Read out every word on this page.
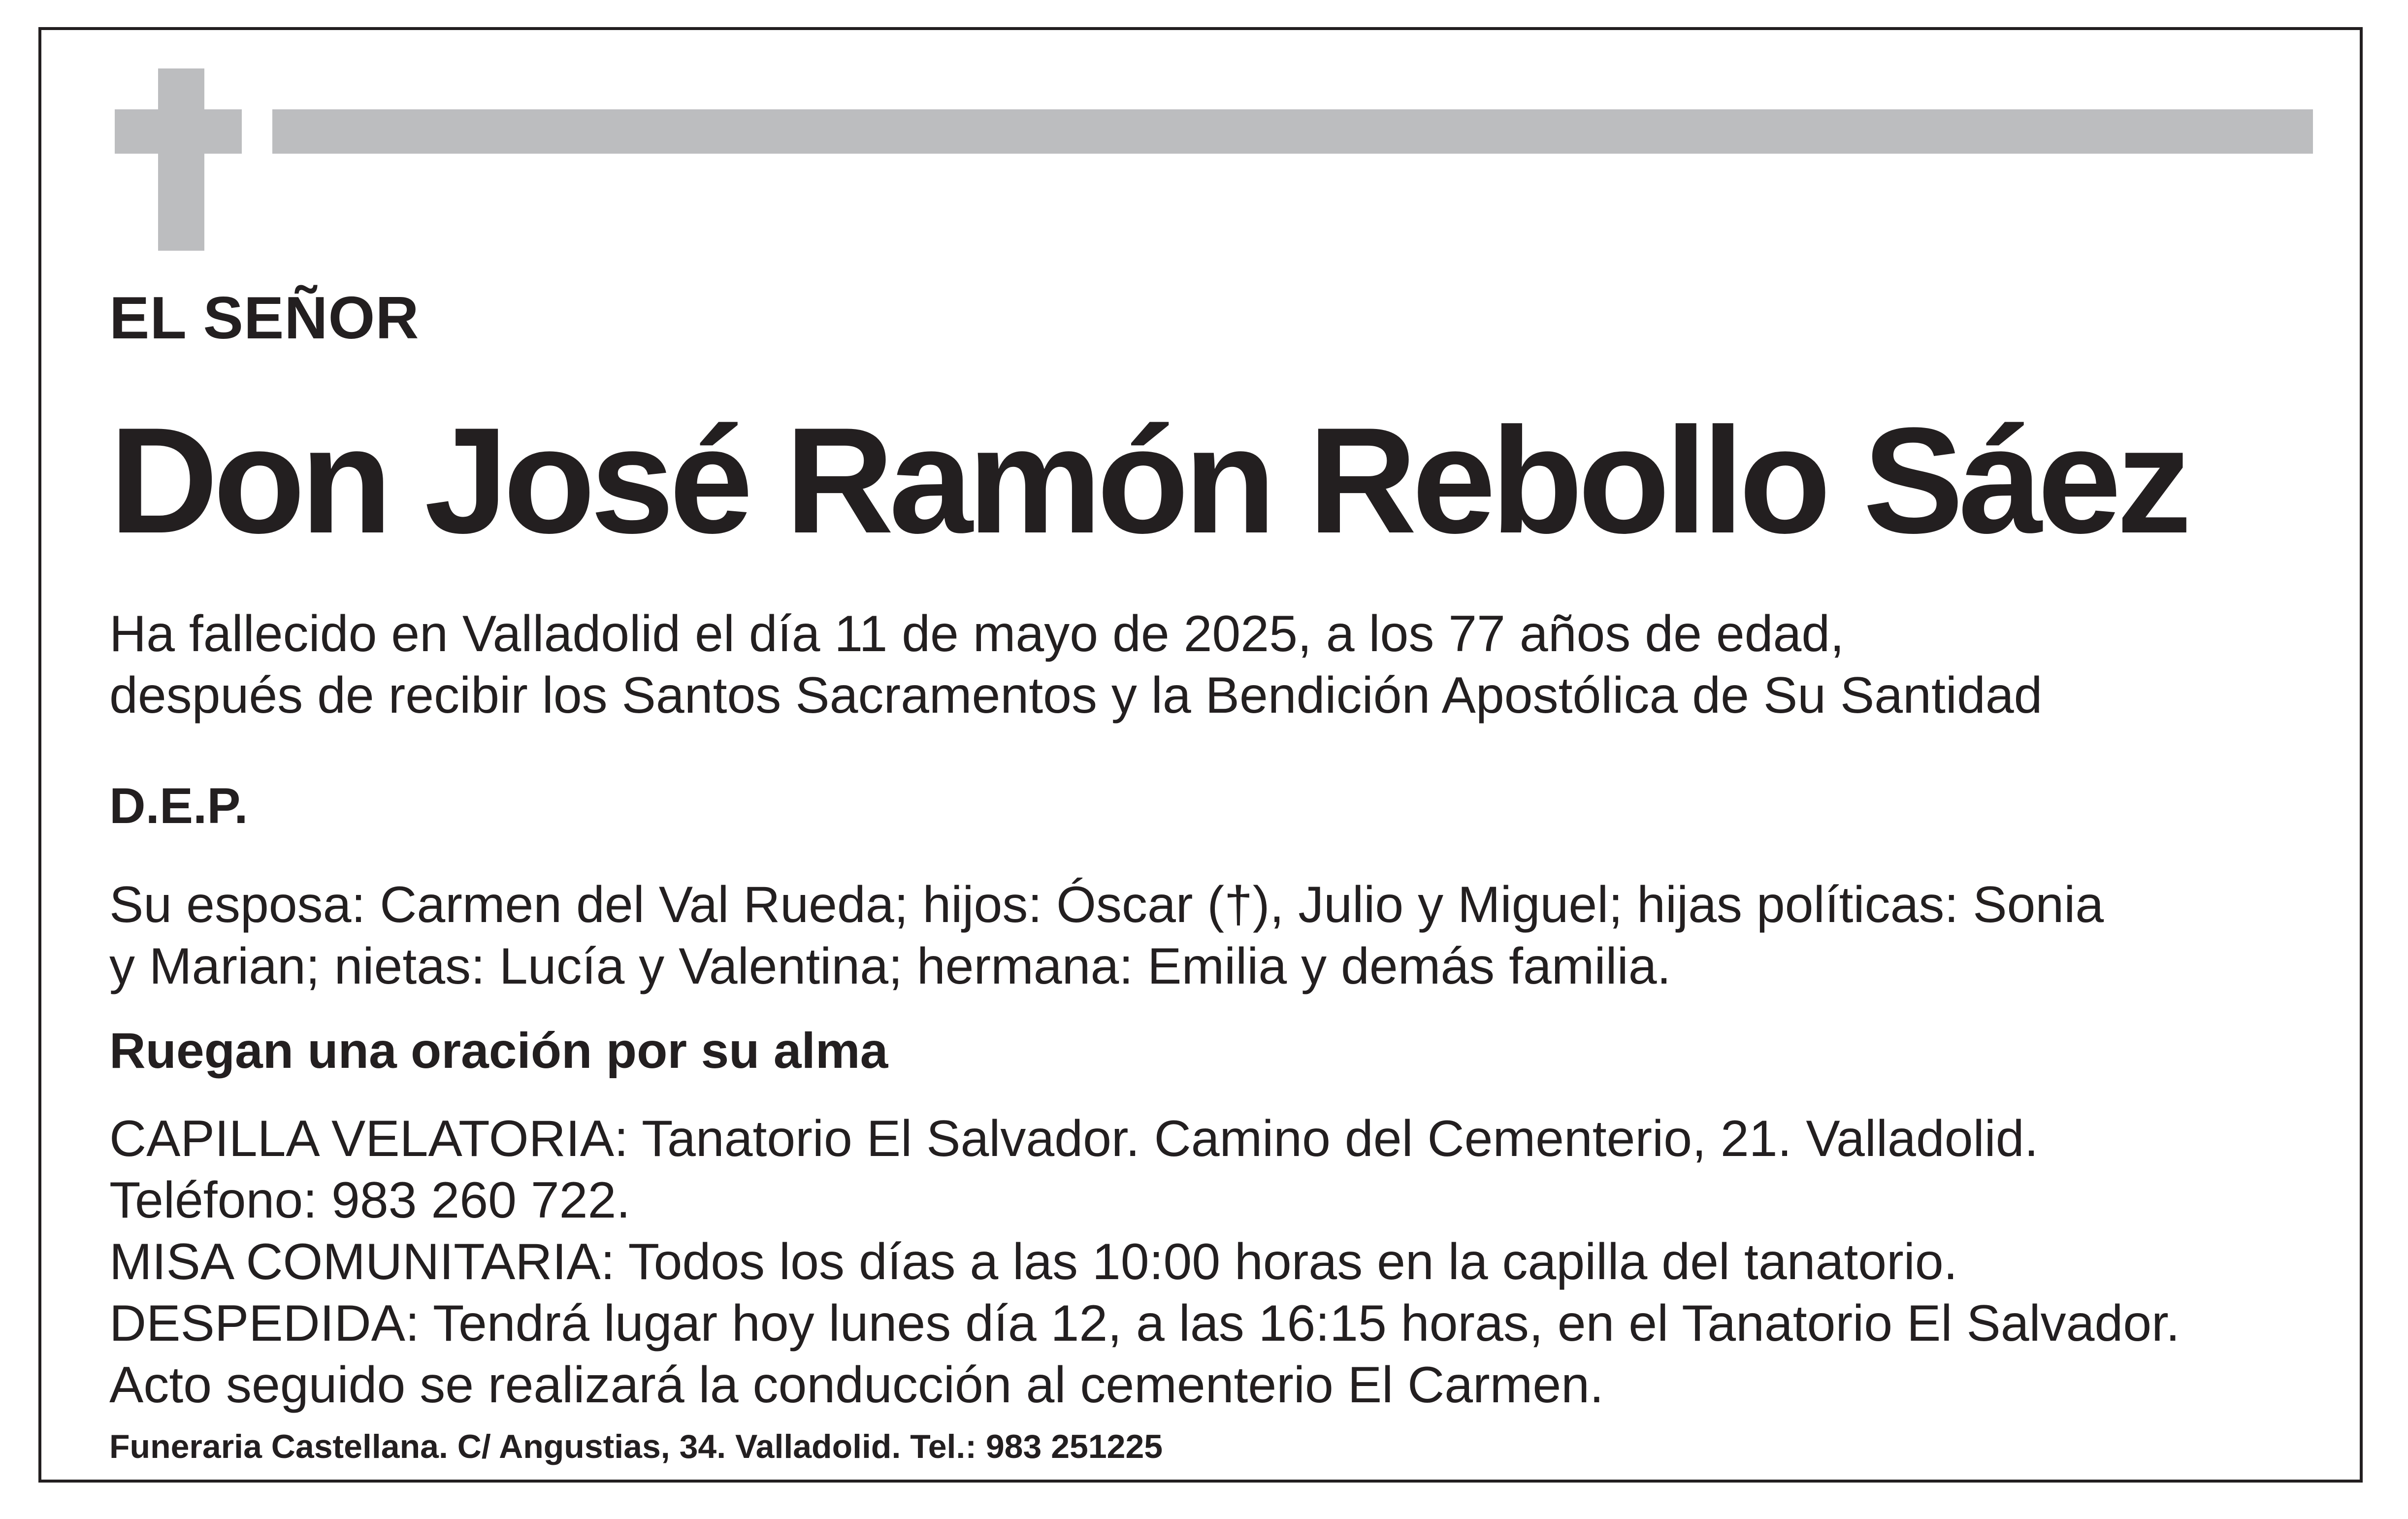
EL SEÑOR

Don José Ramón Rebollo Sáez

Ha fallecido en Valladolid el día 11 de mayo de 2025, a los 77 años de edad,
después de recibir los Santos Sacramentos y la Bendición Apostólica de Su Santidad

D.E.P.

Su esposa: Carmen del Val Rueda; hijos: Óscar (†), Julio y Miguel; hijas políticas: Sonia
y Marian; nietas: Lucía y Valentina; hermana: Emilia y demás familia.

Ruegan una oración por su alma

CAPILLA VELATORIA: Tanatorio El Salvador. Camino del Cementerio, 21. Valladolid.
Teléfono: 983 260 722.
MISA COMUNITARIA: Todos los días a las 10:00 horas en la capilla del tanatorio.
DESPEDIDA: Tendrá lugar hoy lunes día 12, a las 16:15 horas, en el Tanatorio El Salvador.
Acto seguido se realizará la conducción al cementerio El Carmen.

Funeraria Castellana. C/ Angustias, 34. Valladolid. Tel.: 983 251225
